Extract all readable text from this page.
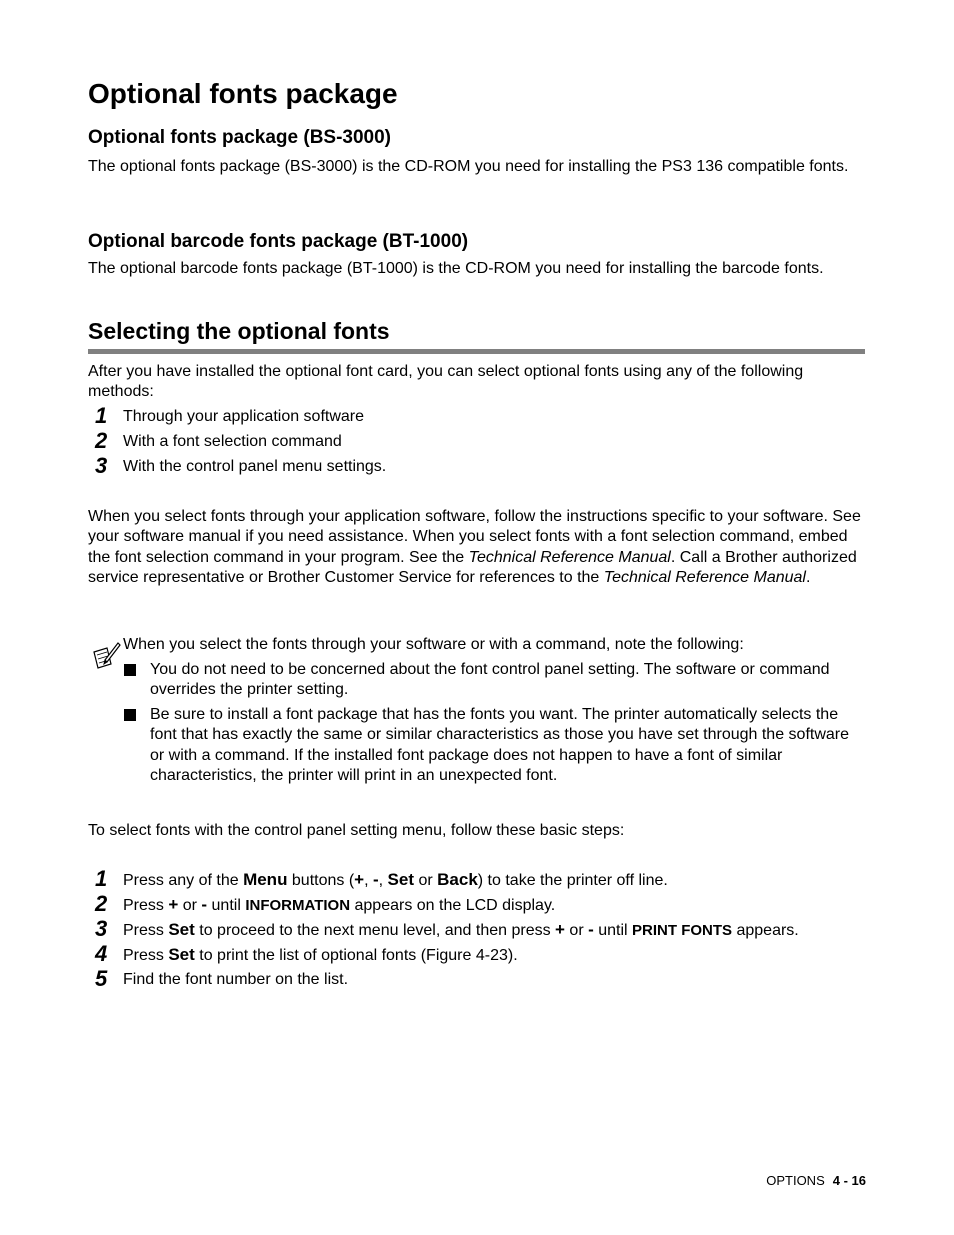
Optional fonts package
Optional fonts package (BS-3000)
The optional fonts package (BS-3000) is the CD-ROM you need for installing the PS3 136 compatible fonts.
Optional barcode fonts package (BT-1000)
The optional barcode fonts package (BT-1000) is the CD-ROM you need for installing the barcode fonts.
Selecting the optional fonts
After you have installed the optional font card, you can select optional fonts using any of the following methods:
1 Through your application software
2 With a font selection command
3 With the control panel menu settings.
When you select fonts through your application software, follow the instructions specific to your software. See your software manual if you need assistance. When you select fonts with a font selection command, embed the font selection command in your program. See the Technical Reference Manual. Call a Brother authorized service representative or Brother Customer Service for references to the Technical Reference Manual.
When you select the fonts through your software or with a command, note the following:
You do not need to be concerned about the font control panel setting. The software or command overrides the printer setting.
Be sure to install a font package that has the fonts you want. The printer automatically selects the font that has exactly the same or similar characteristics as those you have set through the software or with a command. If the installed font package does not happen to have a font of similar characteristics, the printer will print in an unexpected font.
To select fonts with the control panel setting menu, follow these basic steps:
1 Press any of the Menu buttons (+, -, Set or Back) to take the printer off line.
2 Press + or - until INFORMATION appears on the LCD display.
3 Press Set to proceed to the next menu level, and then press + or - until PRINT FONTS appears.
4 Press Set to print the list of optional fonts (Figure 4-23).
5 Find the font number on the list.
OPTIONS 4 - 16
